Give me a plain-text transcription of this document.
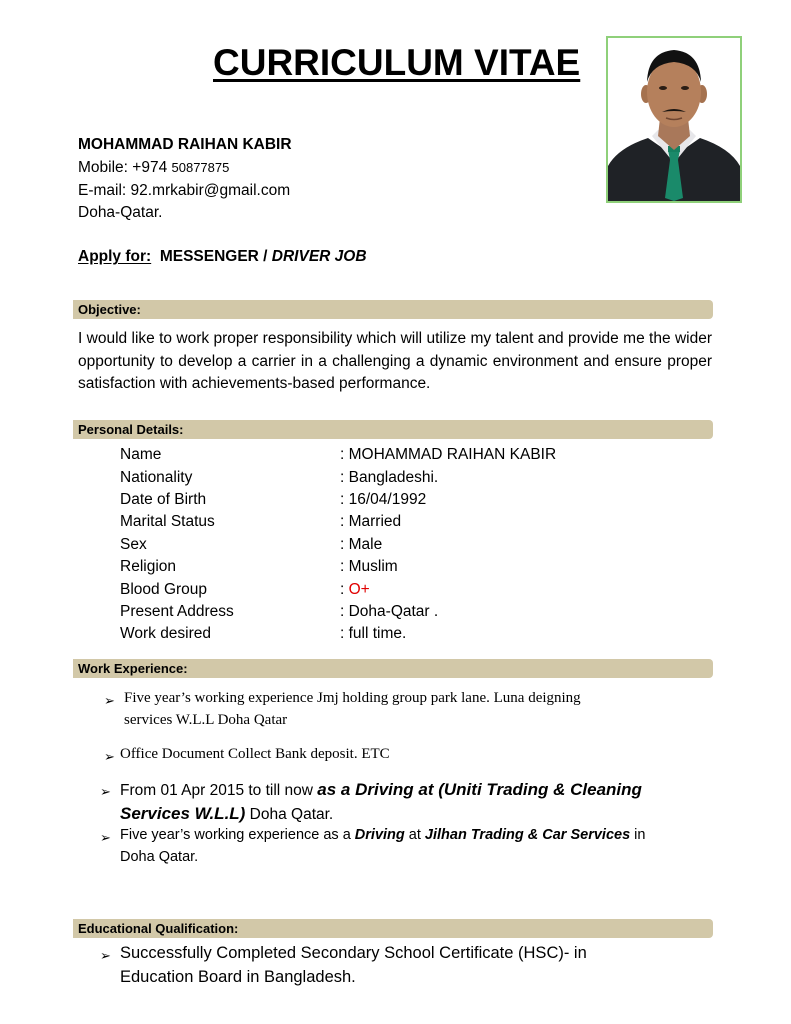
CURRICULUM VITAE
MOHAMMAD RAIHAN KABIR
Mobile: +974 50877875
E-mail: 92.mrkabir@gmail.com
Doha-Qatar.
Apply for: MESSENGER / DRIVER JOB
Objective:
I would like to work proper responsibility which will utilize my talent and provide me the wider opportunity to develop a carrier in a challenging a dynamic environment and ensure proper satisfaction with achievements-based performance.
Personal Details:
Name	: MOHAMMAD RAIHAN KABIR
Nationality	: Bangladeshi.
Date of Birth	: 16/04/1992
Marital Status	: Married
Sex	: Male
Religion	: Muslim
Blood Group	: O+
Present Address	: Doha-Qatar .
Work desired	: full time.
Work Experience:
➢ Five year’s working experience Jmj holding group park lane. Luna deigning
services W.L.L Doha Qatar
➢ Office Document Collect Bank deposit. ETC
➢ From 01 Apr 2015 to till now as a Driving at (Uniti Trading & Cleaning
Services W.L.L) Doha Qatar.
➢ Five year’s working experience as a Driving at Jilhan Trading & Car Services in
Doha Qatar.
Educational Qualification:
➢ Successfully Completed Secondary School Certificate (HSC)- in
Education Board in Bangladesh.
